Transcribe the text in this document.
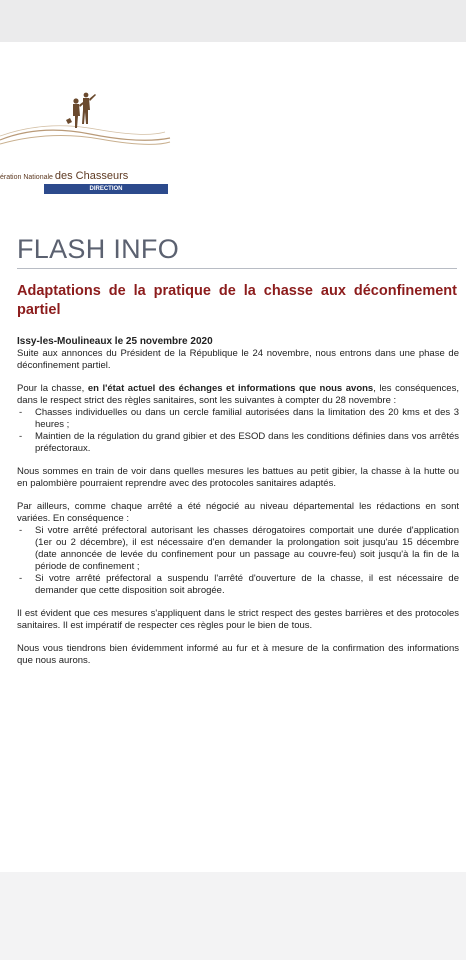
ération Nationale des Chasseurs
DIRECTION
FLASH INFO
Adaptations de la pratique de la chasse aux déconfinement partiel
Issy-les-Moulineaux le 25 novembre 2020

Suite aux annonces du Président de la République le 24 novembre, nous entrons dans une phase de déconfinement partiel.

Pour la chasse, en l'état actuel des échanges et informations que nous avons, les conséquences, dans le respect strict des règles sanitaires, sont les suivantes à compter du 28 novembre :

- Chasses individuelles ou dans un cercle familial autorisées dans la limitation des 20 kms et des 3 heures ;
- Maintien de la régulation du grand gibier et des ESOD dans les conditions définies dans vos arrêtés préfectoraux.

Nous sommes en train de voir dans quelles mesures les battues au petit gibier, la chasse à la hutte ou en palombière pourraient reprendre avec des protocoles sanitaires adaptés.

Par ailleurs, comme chaque arrêté a été négocié au niveau départemental les rédactions en sont variées. En conséquence :

- Si votre arrêté préfectoral autorisant les chasses dérogatoires comportait une durée d'application (1er ou 2 décembre), il est nécessaire d'en demander la prolongation soit jusqu'au 15 décembre (date annoncée de levée du confinement pour un passage au couvre-feu) soit jusqu'à la fin de la période de confinement ;
- Si votre arrêté préfectoral a suspendu l'arrêté d'ouverture de la chasse, il est nécessaire de demander que cette disposition soit abrogée.

Il est évident que ces mesures s'appliquent dans le strict respect des gestes barrières et des protocoles sanitaires. Il est impératif de respecter ces règles pour le bien de tous.

Nous vous tiendrons bien évidemment informé au fur et à mesure de la confirmation des informations que nous aurons.
